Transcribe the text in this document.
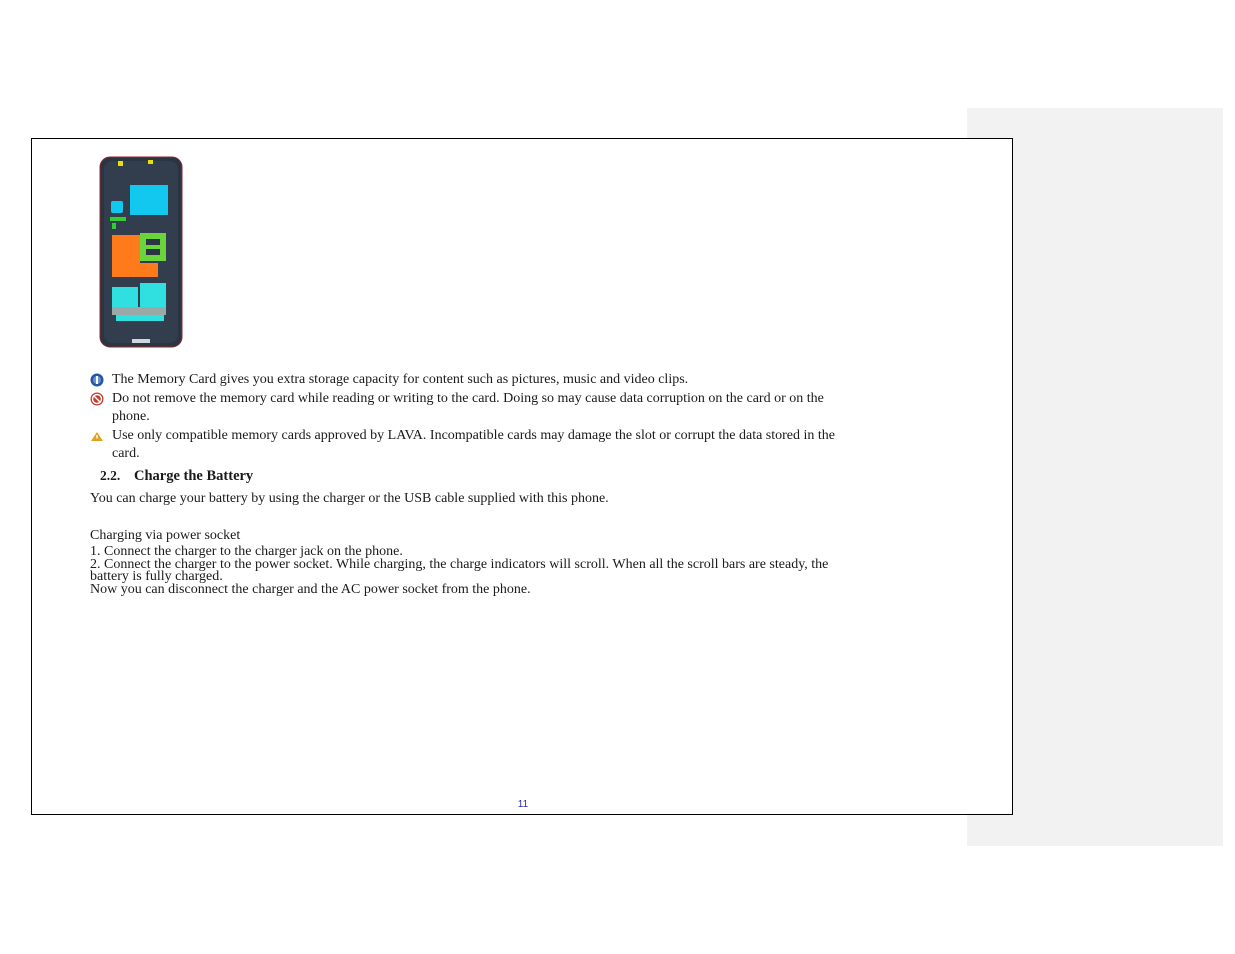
The Memory Card gives you extra storage capacity for content such as pictures, music and video clips.
Do not remove the memory card while reading or writing to the card. Doing so may cause data corruption on the card or on the
phone.
Use only compatible memory cards approved by LAVA. Incompatible cards may damage the slot or corrupt the data stored in the
card.
2.2. Charge the Battery
You can charge your battery by using the charger or the USB cable supplied with this phone.
Charging via power socket
1. Connect the charger to the charger jack on the phone.
2. Connect the charger to the power socket. While charging, the charge indicators will scroll. When all the scroll bars are steady, the
battery is fully charged.
Now you can disconnect the charger and the AC power socket from the phone.
11
